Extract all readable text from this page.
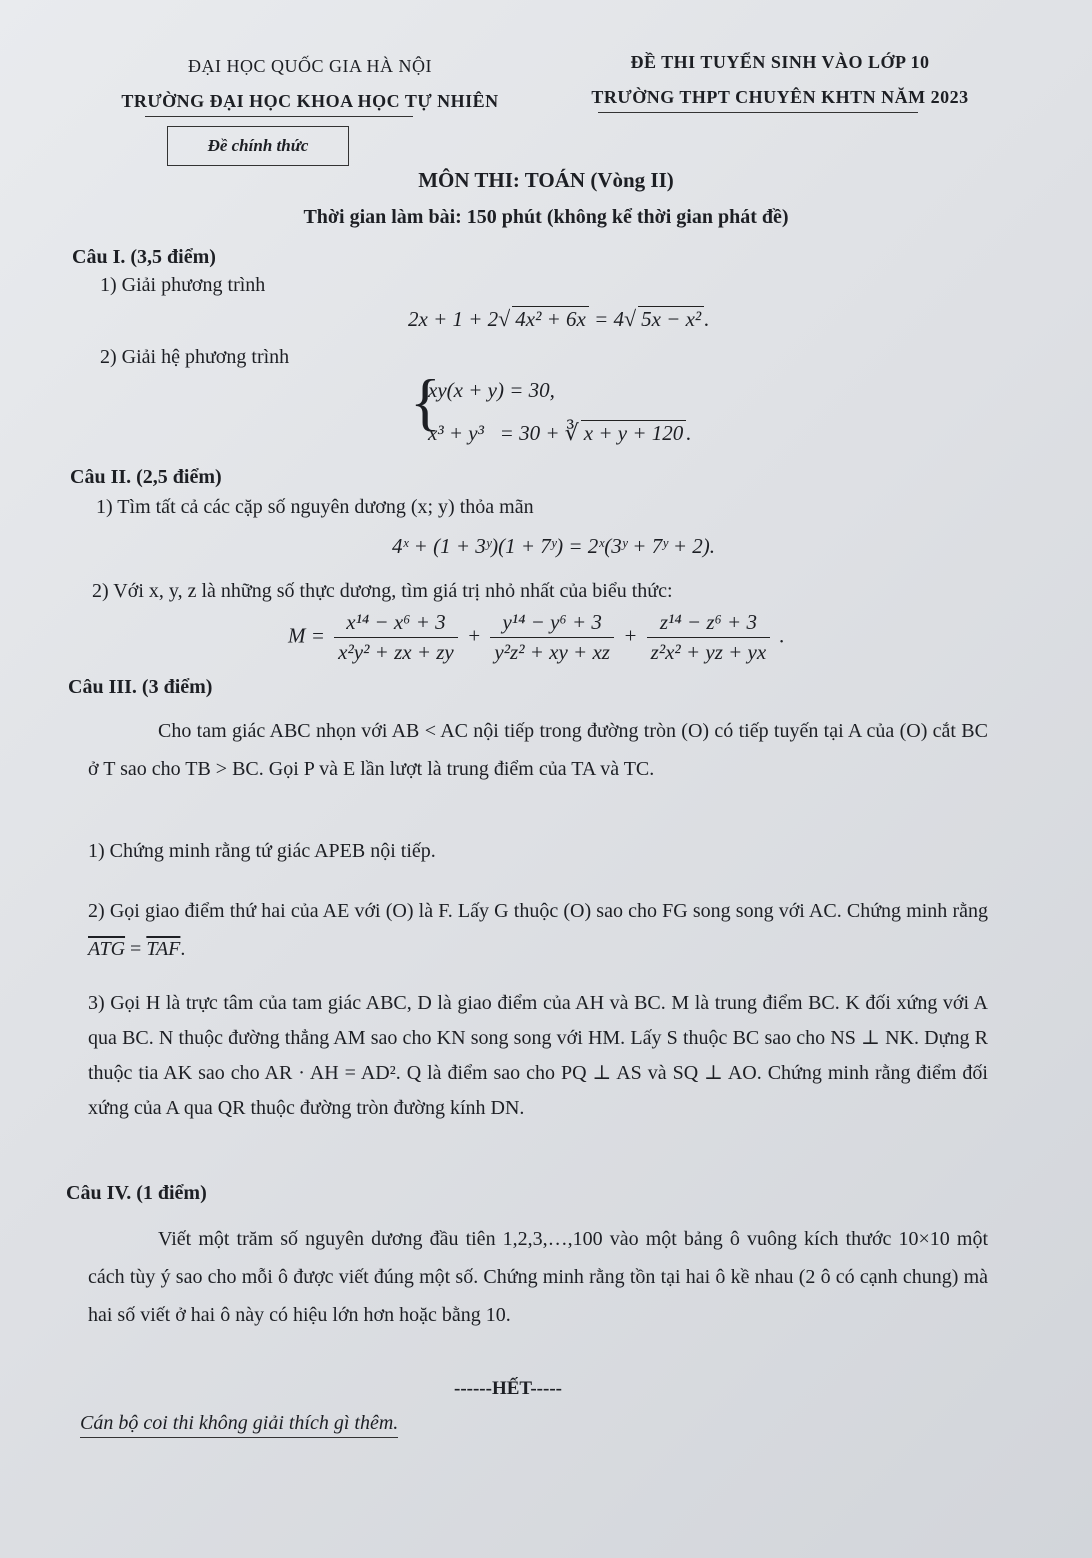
ĐẠI HỌC QUỐC GIA HÀ NỘI
TRƯỜNG ĐẠI HỌC KHOA HỌC TỰ NHIÊN
ĐỀ THI TUYỂN SINH VÀO LỚP 10
TRƯỜNG THPT CHUYÊN KHTN NĂM 2023
Đề chính thức
MÔN THI: TOÁN (Vòng II)
Thời gian làm bài: 150 phút (không kể thời gian phát đề)
Câu I. (3,5 điểm)
1) Giải phương trình
2x + 1 + 2√ 4x² + 6x = 4√ 5x − x² .
2) Giải hệ phương trình
{
xy(x + y) = 30,
x³ + y³   = 30 + ∛ x + y + 120 .
Câu II. (2,5 điểm)
1) Tìm tất cả các cặp số nguyên dương (x; y) thỏa mãn
4ˣ + (1 + 3ʸ)(1 + 7ʸ) = 2ˣ(3ʸ + 7ʸ + 2).
2) Với x, y, z là những số thực dương, tìm giá trị nhỏ nhất của biểu thức:
$M = \frac{\text{x¹⁴ − x⁶ + 3}}{\text{x²y² + zx + zy}} + \frac{\text{y¹⁴ − y⁶ + 3}}{\text{y²z² + xy + xz}} + \frac{\text{z¹⁴ − z⁶ + 3}}{\text{z²x² + yz + yx}}$ .
Câu III. (3 điểm)
Cho tam giác ABC nhọn với AB < AC nội tiếp trong đường tròn (O) có tiếp tuyến tại A của (O) cắt BC ở T sao cho TB > BC. Gọi P và E lần lượt là trung điểm của TA và TC.
1) Chứng minh rằng tứ giác APEB nội tiếp.
2) Gọi giao điểm thứ hai của AE với (O) là F. Lấy G thuộc (O) sao cho FG song song với AC. Chứng minh rằng $\overline{ATG} = \overline{TAF}$.
3) Gọi H là trực tâm của tam giác ABC, D là giao điểm của AH và BC. M là trung điểm BC. K đối xứng với A qua BC. N thuộc đường thẳng AM sao cho KN song song với HM. Lấy S thuộc BC sao cho NS ⊥ NK. Dựng R thuộc tia AK sao cho AR · AH = AD². Q là điểm sao cho PQ ⊥ AS và SQ ⊥ AO. Chứng minh rằng điểm đối xứng của A qua QR thuộc đường tròn đường kính DN.
Câu IV. (1 điểm)
Viết một trăm số nguyên dương đầu tiên 1,2,3,…,100 vào một bảng ô vuông kích thước 10×10 một cách tùy ý sao cho mỗi ô được viết đúng một số. Chứng minh rằng tồn tại hai ô kề nhau (2 ô có cạnh chung) mà hai số viết ở hai ô này có hiệu lớn hơn hoặc bằng 10.
------HẾT-----
Cán bộ coi thi không giải thích gì thêm.
